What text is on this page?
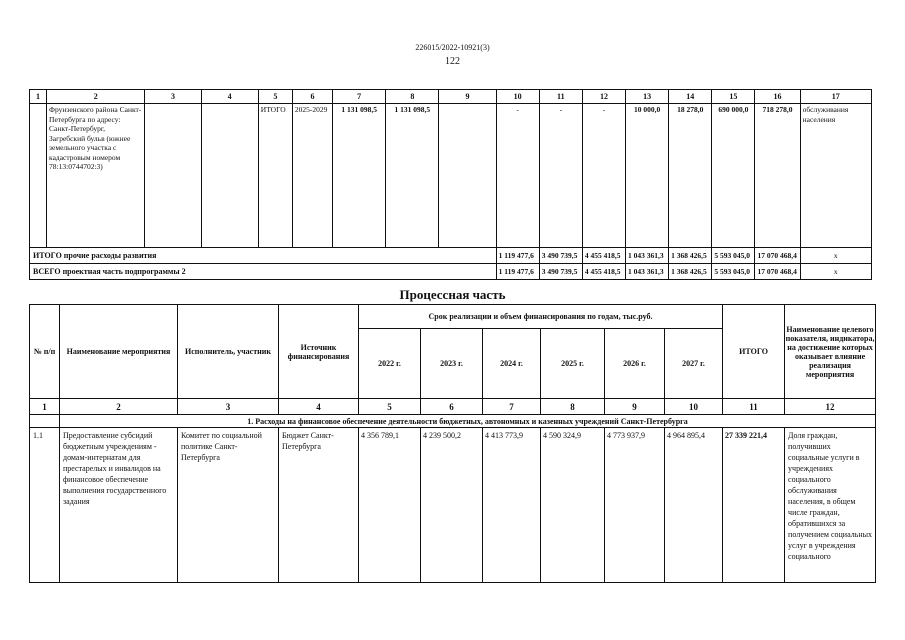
226015/2022-10921(3)
122
1	2	3	4	5	6	7	8	9	10	11	12	13	14	15	16	17
	Фрунзенского района Санкт-Петербурга по адресу: Санкт-Петербург, Загребский бульв (южнее земельного участка с кадастровым номером 78:13:0744702:3)			ИТОГО	2025-2029	1 131 098,5	1 131 098,5		-	-	-	10 000,0	18 278,0	690 000,0	718 278,0	обслуживания населения
ИТОГО прочие расходы развития									1 119 477,6	3 490 739,5	4 455 418,5	1 043 361,3	1 368 426,5	5 593 045,0	17 070 468,4	x
ВСЕГО проектная часть подпрограммы 2									1 119 477,6	3 490 739,5	4 455 418,5	1 043 361,3	1 368 426,5	5 593 045,0	17 070 468,4	x
Процессная часть
№ п/п	Наименование мероприятия	Исполнитель, участник	Источник финансирования	Срок реализации и объем финансирования по годам, тыс.руб.						ИТОГО	Наименование целевого показателя, индикатора, на достижение которых оказывает влияние реализация мероприятия
				2022 г.	2023 г.	2024 г.	2025 г.	2026 г.	2027 г.		
1	2	3	4	5	6	7	8	9	10	11	12
	1. Расходы на финансовое обеспечение деятельности бюджетных, автономных и казенных учреждений Санкт-Петербурга										
1.1	Предоставление субсидий бюджетным учреждениям - домам-интернатам для престарелых и инвалидов на финансовое обеспечение выполнения государственного задания	Комитет по социальной политике Санкт-Петербурга	Бюджет Санкт-Петербурга	4 356 789,1	4 239 500,2	4 413 773,9	4 590 324,9	4 773 937,9	4 964 895,4	27 339 221,4	Доля граждан, получивших социальные услуги в учреждениях социального обслуживания населения, в общем числе граждан, обратившихся за получением социальных услуг в учреждения социального
